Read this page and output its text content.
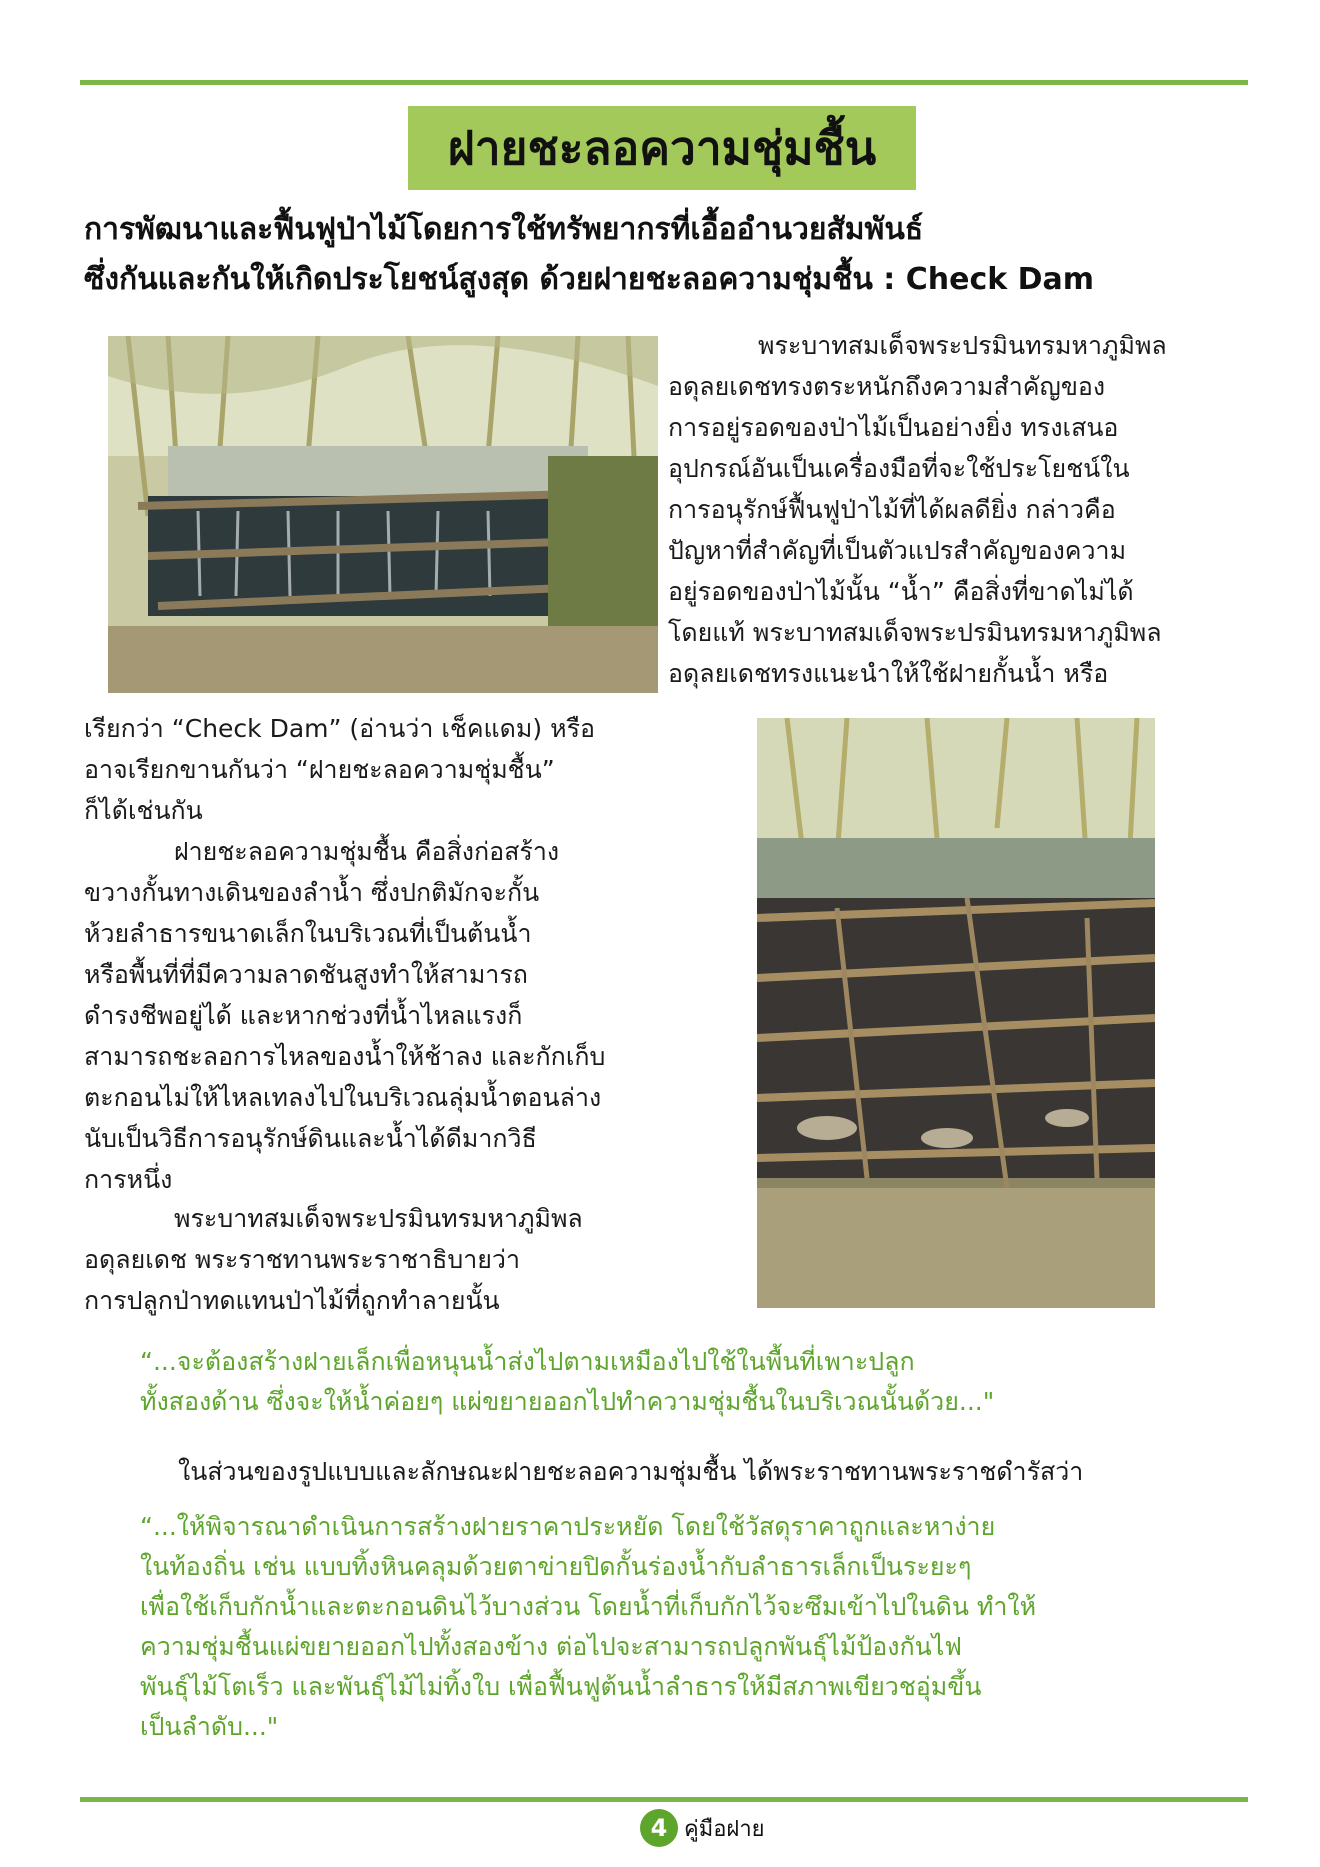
ฝายชะลอความชุ่มชื้น
การพัฒนาและฟื้นฟูป่าไม้โดยการใช้ทรัพยากรที่เอื้ออำนวยสัมพันธ์
ซึ่งกันและกันให้เกิดประโยชน์สูงสุด ด้วยฝายชะลอความชุ่มชื้น : Check Dam
พระบาทสมเด็จพระปรมินทรมหาภูมิพล
อดุลยเดชทรงตระหนักถึงความสำคัญของ
การอยู่รอดของป่าไม้เป็นอย่างยิ่ง ทรงเสนอ
อุปกรณ์อันเป็นเครื่องมือที่จะใช้ประโยชน์ใน
การอนุรักษ์ฟื้นฟูป่าไม้ที่ได้ผลดียิ่ง กล่าวคือ
ปัญหาที่สำคัญที่เป็นตัวแปรสำคัญของความ
อยู่รอดของป่าไม้นั้น “น้ำ” คือสิ่งที่ขาดไม่ได้
โดยแท้ พระบาทสมเด็จพระปรมินทรมหาภูมิพล
อดุลยเดชทรงแนะนำให้ใช้ฝายกั้นน้ำ หรือ
เรียกว่า “Check Dam” (อ่านว่า เช็คแดม) หรือ
อาจเรียกขานกันว่า “ฝายชะลอความชุ่มชื้น”
ก็ได้เช่นกัน
ฝายชะลอความชุ่มชื้น คือสิ่งก่อสร้าง
ขวางกั้นทางเดินของลำน้ำ ซึ่งปกติมักจะกั้น
ห้วยลำธารขนาดเล็กในบริเวณที่เป็นต้นน้ำ
หรือพื้นที่ที่มีความลาดชันสูงทำให้สามารถ
ดำรงชีพอยู่ได้ และหากช่วงที่น้ำไหลแรงก็
สามารถชะลอการไหลของน้ำให้ช้าลง และกักเก็บ
ตะกอนไม่ให้ไหลเทลงไปในบริเวณลุ่มน้ำตอนล่าง
นับเป็นวิธีการอนุรักษ์ดินและน้ำได้ดีมากวิธี
การหนึ่ง
พระบาทสมเด็จพระปรมินทรมหาภูมิพล
อดุลยเดช พระราชทานพระราชาธิบายว่า
การปลูกป่าทดแทนป่าไม้ที่ถูกทำลายนั้น
“...จะต้องสร้างฝายเล็กเพื่อหนุนน้ำส่งไปตามเหมืองไปใช้ในพื้นที่เพาะปลูก
ทั้งสองด้าน ซึ่งจะให้น้ำค่อยๆ แผ่ขยายออกไปทำความชุ่มชื้นในบริเวณนั้นด้วย..."
ในส่วนของรูปแบบและลักษณะฝายชะลอความชุ่มชื้น ได้พระราชทานพระราชดำรัสว่า
“...ให้พิจารณาดำเนินการสร้างฝายราคาประหยัด โดยใช้วัสดุราคาถูกและหาง่าย
ในท้องถิ่น เช่น แบบทิ้งหินคลุมด้วยตาข่ายปิดกั้นร่องน้ำกับลำธารเล็กเป็นระยะๆ
เพื่อใช้เก็บกักน้ำและตะกอนดินไว้บางส่วน โดยน้ำที่เก็บกักไว้จะซึมเข้าไปในดิน ทำให้
ความชุ่มชื้นแผ่ขยายออกไปทั้งสองข้าง ต่อไปจะสามารถปลูกพันธุ์ไม้ป้องกันไฟ
พันธุ์ไม้โตเร็ว และพันธุ์ไม้ไม่ทิ้งใบ เพื่อฟื้นฟูต้นน้ำลำธารให้มีสภาพเขียวชอุ่มขึ้น
เป็นลำดับ..."
4 คู่มือฝาย
